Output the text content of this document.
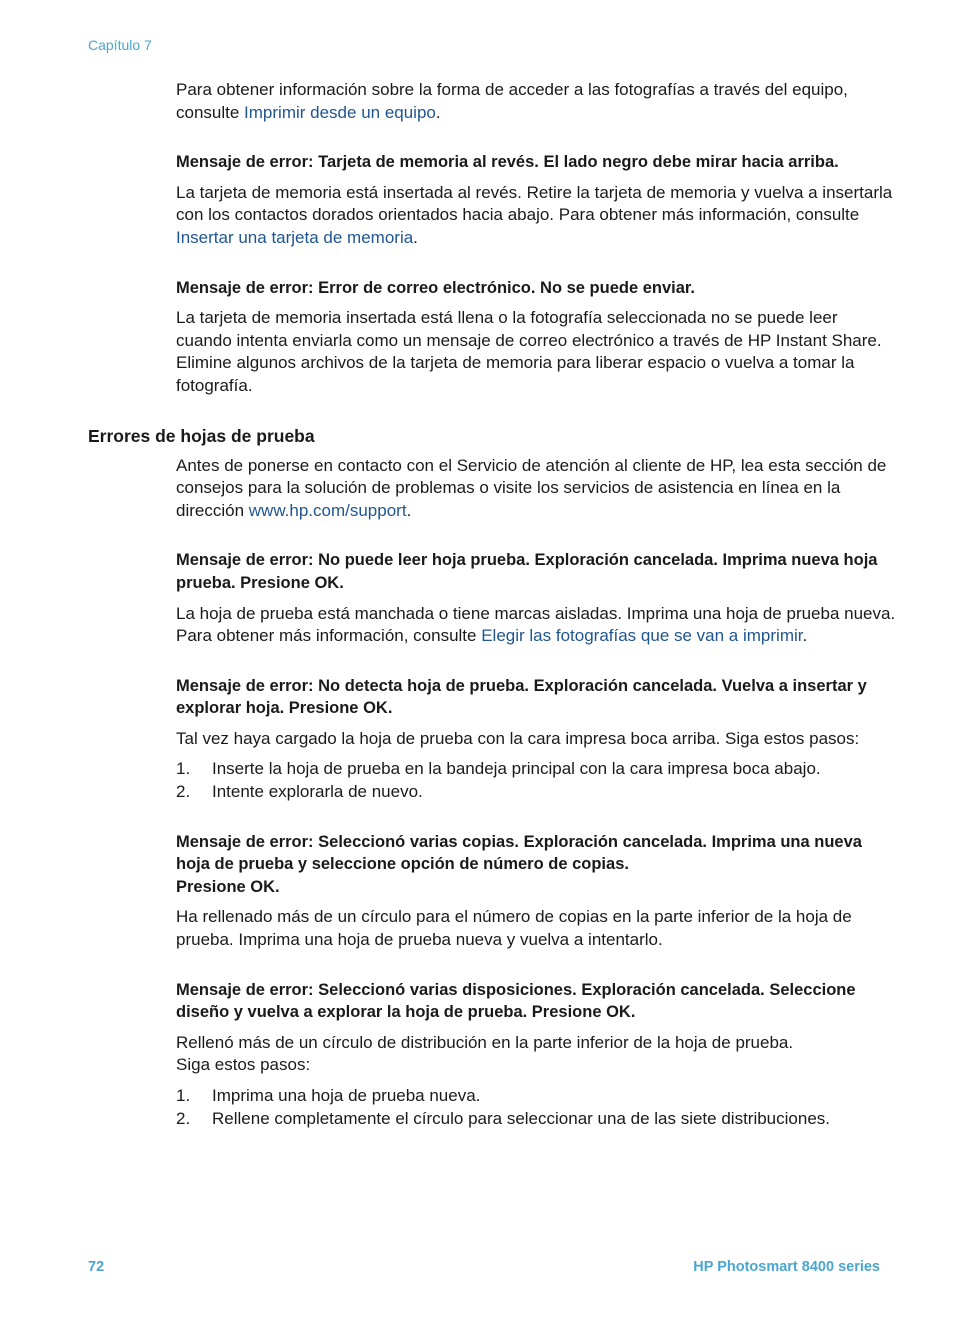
Capítulo 7

Para obtener información sobre la forma de acceder a las fotografías a través del equipo, consulte Imprimir desde un equipo.

Mensaje de error: Tarjeta de memoria al revés. El lado negro debe mirar hacia arriba.

La tarjeta de memoria está insertada al revés. Retire la tarjeta de memoria y vuelva a insertarla con los contactos dorados orientados hacia abajo. Para obtener más información, consulte Insertar una tarjeta de memoria.

Mensaje de error: Error de correo electrónico. No se puede enviar.

La tarjeta de memoria insertada está llena o la fotografía seleccionada no se puede leer cuando intenta enviarla como un mensaje de correo electrónico a través de HP Instant Share. Elimine algunos archivos de la tarjeta de memoria para liberar espacio o vuelva a tomar la fotografía.

Errores de hojas de prueba

Antes de ponerse en contacto con el Servicio de atención al cliente de HP, lea esta sección de consejos para la solución de problemas o visite los servicios de asistencia en línea en la dirección www.hp.com/support.

Mensaje de error: No puede leer hoja prueba. Exploración cancelada. Imprima nueva hoja prueba. Presione OK.

La hoja de prueba está manchada o tiene marcas aisladas. Imprima una hoja de prueba nueva. Para obtener más información, consulte Elegir las fotografías que se van a imprimir.

Mensaje de error: No detecta hoja de prueba. Exploración cancelada. Vuelva a insertar y explorar hoja. Presione OK.

Tal vez haya cargado la hoja de prueba con la cara impresa boca arriba. Siga estos pasos:

1. Inserte la hoja de prueba en la bandeja principal con la cara impresa boca abajo.
2. Intente explorarla de nuevo.

Mensaje de error: Seleccionó varias copias. Exploración cancelada. Imprima una nueva hoja de prueba y seleccione opción de número de copias.
Presione OK.

Ha rellenado más de un círculo para el número de copias en la parte inferior de la hoja de prueba. Imprima una hoja de prueba nueva y vuelva a intentarlo.

Mensaje de error: Seleccionó varias disposiciones. Exploración cancelada. Seleccione diseño y vuelva a explorar la hoja de prueba. Presione OK.

Rellenó más de un círculo de distribución en la parte inferior de la hoja de prueba.
Siga estos pasos:

1. Imprima una hoja de prueba nueva.
2. Rellene completamente el círculo para seleccionar una de las siete distribuciones.
72	HP Photosmart 8400 series
